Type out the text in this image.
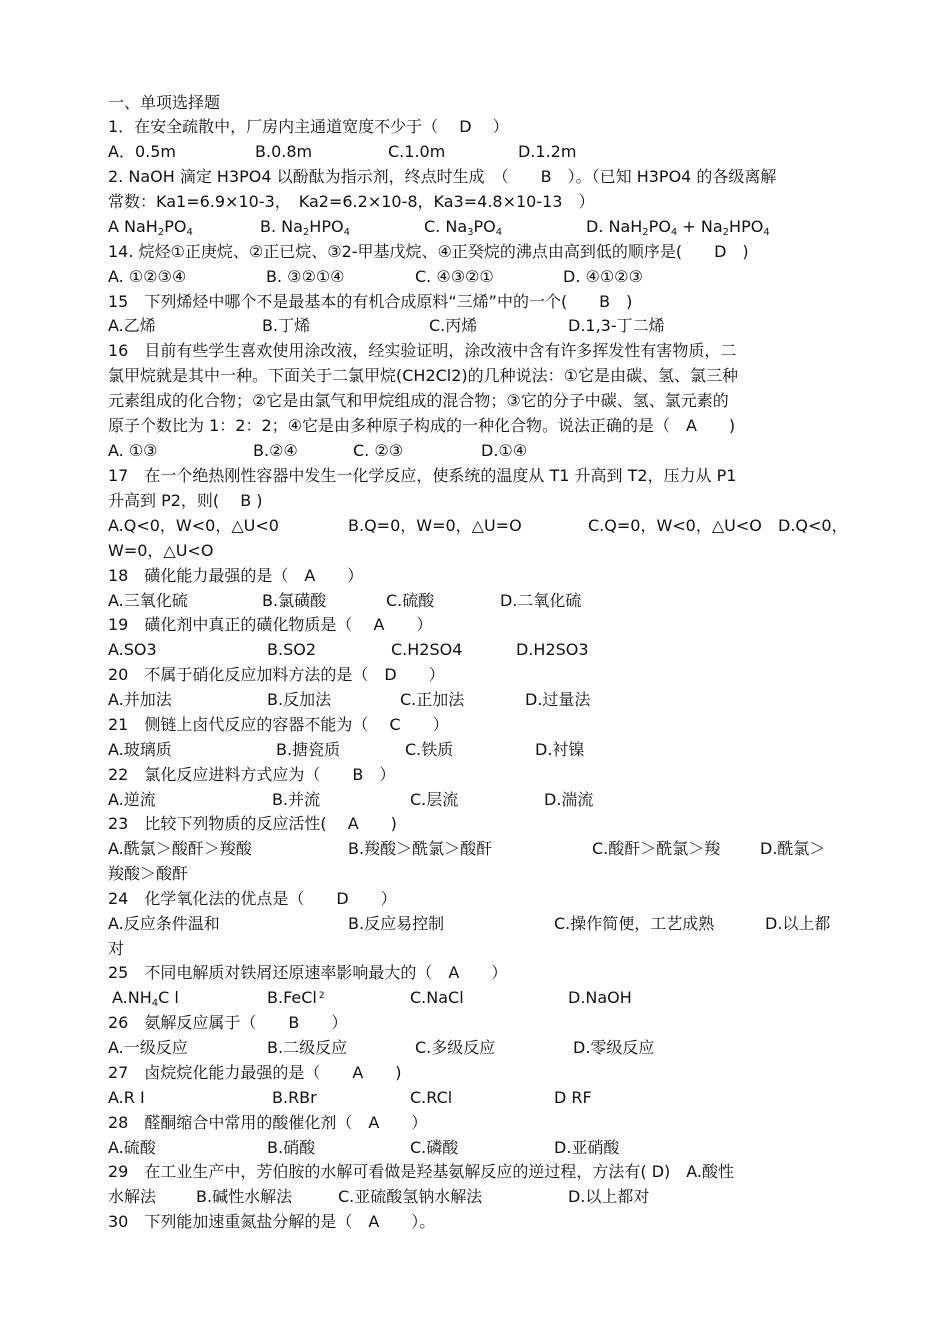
一、单项选择题
1．在安全疏散中，厂房内主通道宽度不少于（　 D　 ）
A．0.5m	B.0.8m	C.1.0m	D.1.2m
2. NaOH 滴定 H3PO4 以酚酞为指示剂，终点时生成　（　　B　）。（已知 H3PO4 的各级离解
常数：Ka1=6.9×10-3，　Ka2=6.2×10-8，Ka3=4.8×10-13　）
A $NaH_2PO_4$	B. $Na_2HPO_4$	C. $Na_3PO_4$	D. $NaH_2PO_4 + Na_2HPO_4$
14. 烷烃①正庚烷、②正已烷、③2-甲基戊烷、④正癸烷的沸点由高到低的顺序是(　　D　)
A. ①②③④	B. ③②①④	C. ④③②①	D. ④①②③
15　下列烯烃中哪个不是最基本的有机合成原料“三烯”中的一个(　　B　)
A.乙烯	B.丁烯	C.丙烯	D.1,3-丁二烯
16　目前有些学生喜欢使用涂改液，经实验证明，涂改液中含有许多挥发性有害物质，二
氯甲烷就是其中一种。下面关于二氯甲烷(CH2Cl2)的几种说法：①它是由碳、氢、氯三种
元素组成的化合物；②它是由氯气和甲烷组成的混合物；③它的分子中碳、氢、氯元素的
原子个数比为 1：2：2；④它是由多种原子构成的一种化合物。说法正确的是（　A　　)
A. ①③	B.②④	C. ②③	D.①④
17　在一个绝热刚性容器中发生一化学反应，使系统的温度从 T1 升高到 T2，压力从 P1
升高到 P2，则(　 B )
A.Q<0，W<0，△U<0	B.Q=0，W=0，△U=O	C.Q=0，W<0，△U<O D.Q<0，
W=0，△U<O
18　磺化能力最强的是（　A　　）
A.三氧化硫	B.氯磺酸	C.硫酸	D.二氧化硫
19　磺化剂中真正的磺化物质是（　 A　　）
A.SO3	B.SO2	C.H2SO4	D.H2SO3
20　不属于硝化反应加料方法的是（　D　　）
A.并加法	B.反加法	C.正加法	D.过量法
21　侧链上卤代反应的容器不能为（　 C　　）
A.玻璃质	B.搪瓷质	C.铁质	D.衬镍
22　氯化反应进料方式应为（　　B　）
A.逆流	B.并流	C.层流	D.湍流
23　比较下列物质的反应活性(　 A　　)
A.酰氯＞酸酐＞羧酸	B.羧酸＞酰氯＞酸酐	C.酸酐＞酰氯＞羧 D.酰氯＞
羧酸＞酸酐
24　化学氧化法的优点是（　　D　　）
A.反应条件温和	B.反应易控制	C.操作简便，工艺成熟	D.以上都
对
25　不同电解质对铁屑还原速率影响最大的（　A　　）
$A.NH_4C$ l	B.FeCl $^2$	C.NaCl	D.NaOH
26　氨解反应属于（　　B　　）
A.一级反应	B.二级反应	C.多级反应	D.零级反应
27　卤烷烷化能力最强的是（　　A　　)
A.R I	B.RBr	C.RCl	D RF
28　醛酮缩合中常用的酸催化剂（　A　　）
A.硫酸	B.硝酸	C.磷酸	D.亚硝酸
29　在工业生产中，芳伯胺的水解可看做是羟基氨解反应的逆过程，方法有( D)　A.酸性
水解法 B.碱性水解法	C.亚硫酸氢钠水解法	D.以上都对
30　下列能加速重氮盐分解的是（　A　　）。
